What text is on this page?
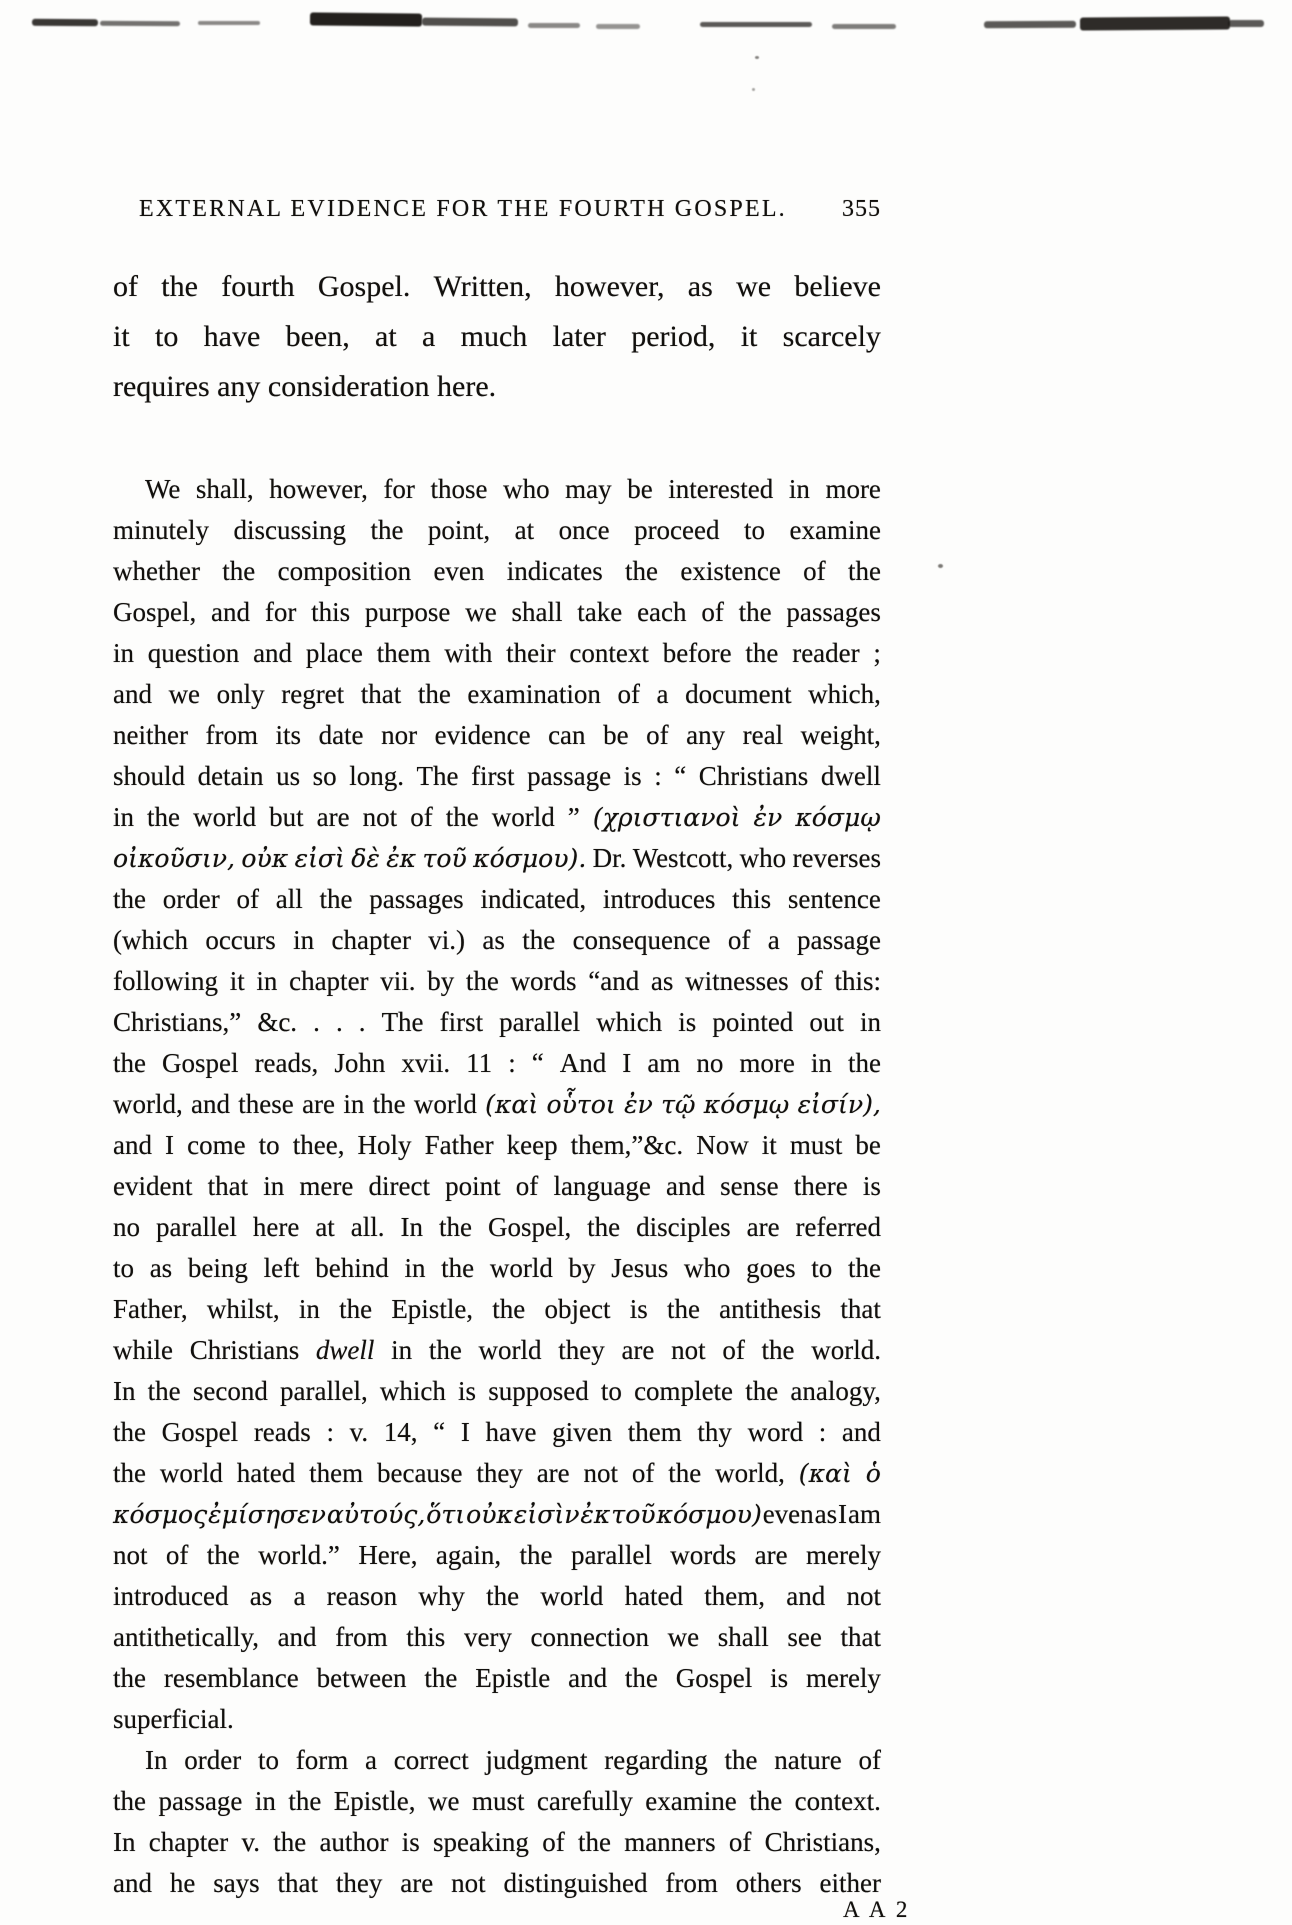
EXTERNAL EVIDENCE FOR THE FOURTH GOSPEL. 355
of the fourth Gospel. Written, however, as we believe
it to have been, at a much later period, it scarcely
requires any consideration here.
We shall, however, for those who may be interested in more
minutely discussing the point, at once proceed to examine
whether the composition even indicates the existence of the
Gospel, and for this purpose we shall take each of the passages
in question and place them with their context before the reader ;
and we only regret that the examination of a document which,
neither from its date nor evidence can be of any real weight,
should detain us so long. The first passage is : “ Christians dwell
in the world but are not of the world ” (χριστιανοὶ ἐν κόσμῳ
οἰκοῦσιν, οὐκ εἰσὶ δὲ ἐκ τοῦ κόσμου). Dr. Westcott, who reverses
the order of all the passages indicated, introduces this sentence
(which occurs in chapter vi.) as the consequence of a passage
following it in chapter vii. by the words “and as witnesses of this:
Christians,” &c. . . . The first parallel which is pointed out in
the Gospel reads, John xvii. 11 : “ And I am no more in the
world, and these are in the world (καὶ οὗτοι ἐν τῷ κόσμῳ εἰσίν),
and I come to thee, Holy Father keep them,”&c. Now it must be
evident that in mere direct point of language and sense there is
no parallel here at all. In the Gospel, the disciples are referred
to as being left behind in the world by Jesus who goes to the
Father, whilst, in the Epistle, the object is the antithesis that
while Christians dwell in the world they are not of the world.
In the second parallel, which is supposed to complete the analogy,
the Gospel reads : v. 14, “ I have given them thy word : and
the world hated them because they are not of the world, (καὶ ὁ
κόσμος ἐμίσησεν αὐτούς, ὅτι οὐκ εἰσὶν ἐκ τοῦ κόσμου) even as I am
not of the world.” Here, again, the parallel words are merely
introduced as a reason why the world hated them, and not
antithetically, and from this very connection we shall see that
the resemblance between the Epistle and the Gospel is merely
superficial.
In order to form a correct judgment regarding the nature of
the passage in the Epistle, we must carefully examine the context.
In chapter v. the author is speaking of the manners of Christians,
and he says that they are not distinguished from others either
A A 2
